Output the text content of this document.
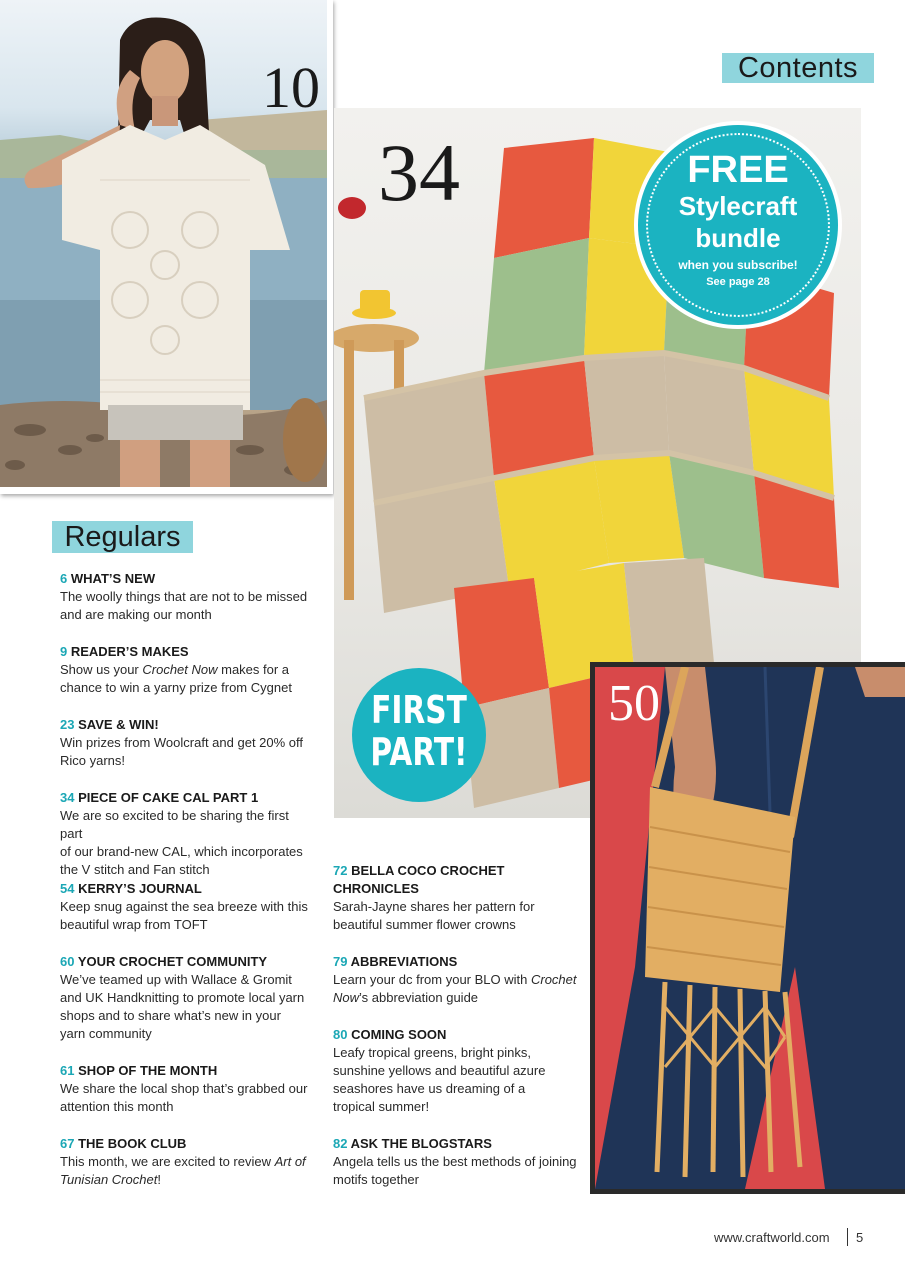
Contents
10
34	FREE
Stylecraft
bundle
when you subscribe!
See page 28
FIRST
PART!
50
Regulars
6 WHAT’S NEW
The woolly things that are not to be missed
and are making our month
9 READER’S MAKES
Show us your Crochet Now makes for a
chance to win a yarny prize from Cygnet
23 SAVE & WIN!
Win prizes from Woolcraft and get 20% off
Rico yarns!
34 PIECE OF CAKE CAL PART 1
We are so excited to be sharing the first part
of our brand-new CAL, which incorporates
the V stitch and Fan stitch
54 KERRY’S JOURNAL
Keep snug against the sea breeze with this
beautiful wrap from TOFT
60 YOUR CROCHET COMMUNITY
We’ve teamed up with Wallace & Gromit
and UK Handknitting to promote local yarn
shops and to share what’s new in your
yarn community
61 SHOP OF THE MONTH
We share the local shop that’s grabbed our
attention this month
67 THE BOOK CLUB
This month, we are excited to review Art of
Tunisian Crochet!
72 BELLA COCO CROCHET
CHRONICLES
Sarah-Jayne shares her pattern for
beautiful summer flower crowns
79 ABBREVIATIONS
Learn your dc from your BLO with Crochet
Now’s abbreviation guide
80 COMING SOON
Leafy tropical greens, bright pinks,
sunshine yellows and beautiful azure
seashores have us dreaming of a
tropical summer!
82 ASK THE BLOGSTARS
Angela tells us the best methods of joining
motifs together
www.craftworld.com 5
